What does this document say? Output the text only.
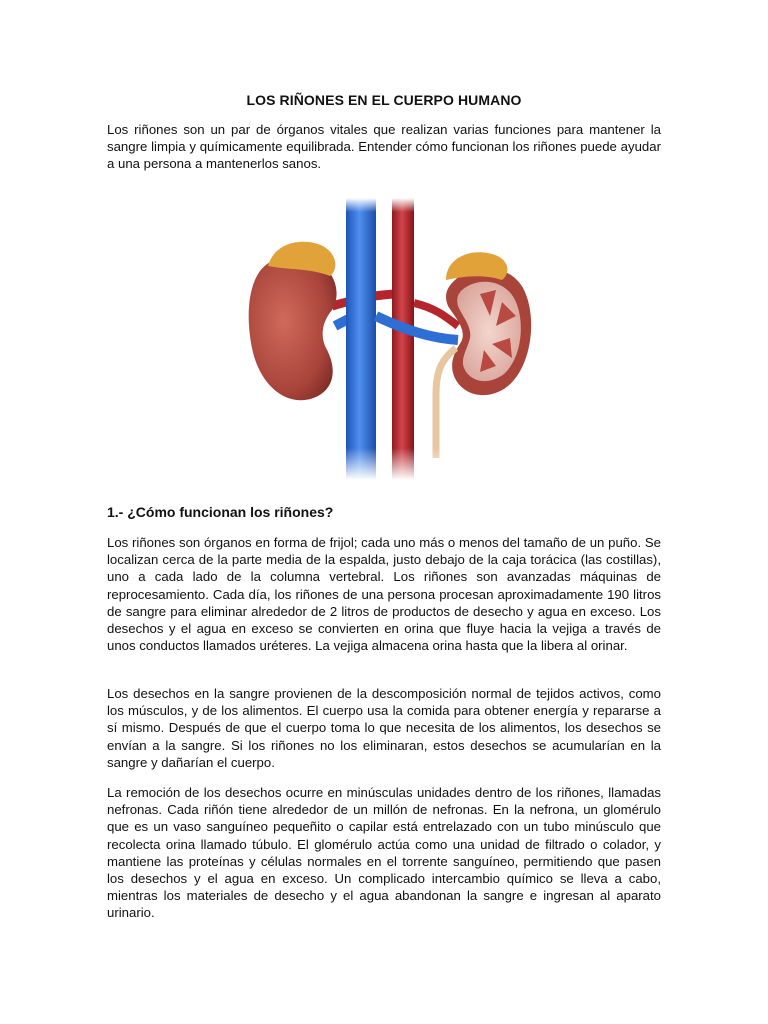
LOS RIÑONES EN EL CUERPO HUMANO

Los riñones son un par de órganos vitales que realizan varias funciones para mantener la sangre limpia y químicamente equilibrada. Entender cómo funcionan los riñones puede ayudar a una persona a mantenerlos sanos.

1.- ¿Cómo funcionan los riñones?

Los riñones son órganos en forma de frijol; cada uno más o menos del tamaño de un puño. Se localizan cerca de la parte media de la espalda, justo debajo de la caja torácica (las costillas), uno a cada lado de la columna vertebral. Los riñones son avanzadas máquinas de reprocesamiento. Cada día, los riñones de una persona procesan aproximadamente 190 litros de sangre para eliminar alrededor de 2 litros de productos de desecho y agua en exceso. Los desechos y el agua en exceso se convierten en orina que fluye hacia la vejiga a través de unos conductos llamados uréteres. La vejiga almacena orina hasta que la libera al orinar.

Los desechos en la sangre provienen de la descomposición normal de tejidos activos, como los músculos, y de los alimentos. El cuerpo usa la comida para obtener energía y repararse a sí mismo. Después de que el cuerpo toma lo que necesita de los alimentos, los desechos se envían a la sangre. Si los riñones no los eliminaran, estos desechos se acumularían en la sangre y dañarían el cuerpo.

La remoción de los desechos ocurre en minúsculas unidades dentro de los riñones, llamadas nefronas. Cada riñón tiene alrededor de un millón de nefronas. En la nefrona, un glomérulo que es un vaso sanguíneo pequeñito o capilar está entrelazado con un tubo minúsculo que recolecta orina llamado túbulo. El glomérulo actúa como una unidad de filtrado o colador, y mantiene las proteínas y células normales en el torrente sanguíneo, permitiendo que pasen los desechos y el agua en exceso. Un complicado intercambio químico se lleva a cabo, mientras los materiales de desecho y el agua abandonan la sangre e ingresan al aparato urinario.
